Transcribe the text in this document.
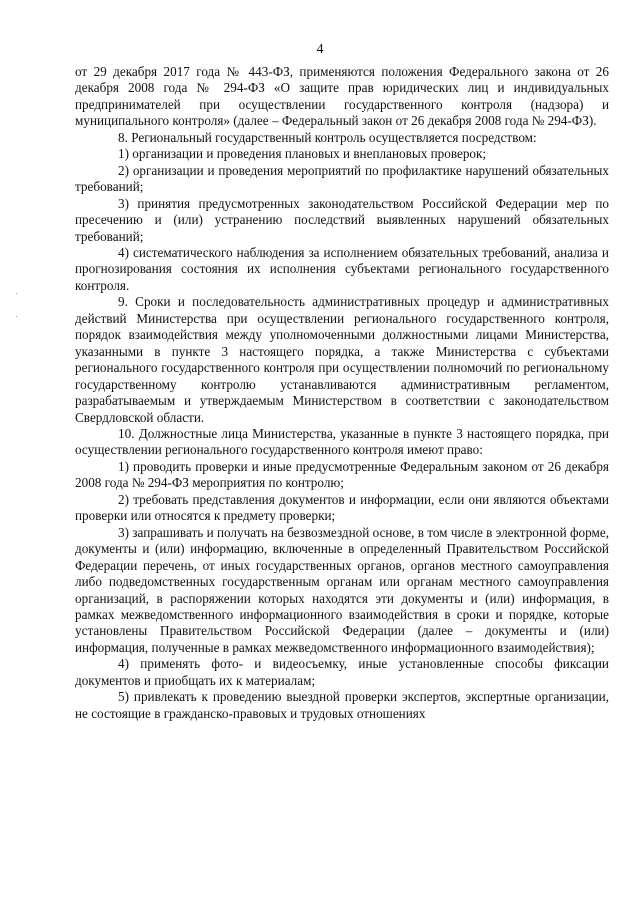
4

от 29 декабря 2017 года № 443-ФЗ, применяются положения Федерального закона от 26 декабря 2008 года № 294-ФЗ «О защите прав юридических лиц и индивидуальных предпринимателей при осуществлении государственного контроля (надзора) и муниципального контроля» (далее – Федеральный закон от 26 декабря 2008 года № 294-ФЗ).

8. Региональный государственный контроль осуществляется посредством:

1) организации и проведения плановых и внеплановых проверок;

2) организации и проведения мероприятий по профилактике нарушений обязательных требований;

3) принятия предусмотренных законодательством Российской Федерации мер по пресечению и (или) устранению последствий выявленных нарушений обязательных требований;

4) систематического наблюдения за исполнением обязательных требований, анализа и прогнозирования состояния их исполнения субъектами регионального государственного контроля.

9. Сроки и последовательность административных процедур и административных действий Министерства при осуществлении регионального государственного контроля, порядок взаимодействия между уполномоченными должностными лицами Министерства, указанными в пункте 3 настоящего порядка, а также Министерства с субъектами регионального государственного контроля при осуществлении полномочий по региональному государственному контролю устанавливаются административным регламентом, разрабатываемым и утверждаемым Министерством в соответствии с законодательством Свердловской области.

10. Должностные лица Министерства, указанные в пункте 3 настоящего порядка, при осуществлении регионального государственного контроля имеют право:

1) проводить проверки и иные предусмотренные Федеральным законом от 26 декабря 2008 года № 294-ФЗ мероприятия по контролю;

2) требовать представления документов и информации, если они являются объектами проверки или относятся к предмету проверки;

3) запрашивать и получать на безвозмездной основе, в том числе в электронной форме, документы и (или) информацию, включенные в определенный Правительством Российской Федерации перечень, от иных государственных органов, органов местного самоуправления либо подведомственных государственным органам или органам местного самоуправления организаций, в распоряжении которых находятся эти документы и (или) информация, в рамках межведомственного информационного взаимодействия в сроки и порядке, которые установлены Правительством Российской Федерации (далее – документы и (или) информация, полученные в рамках межведомственного информационного взаимодействия);

4) применять фото- и видеосъемку, иные установленные способы фиксации документов и приобщать их к материалам;

5) привлекать к проведению выездной проверки экспертов, экспертные организации, не состоящие в гражданско-правовых и трудовых отношениях
